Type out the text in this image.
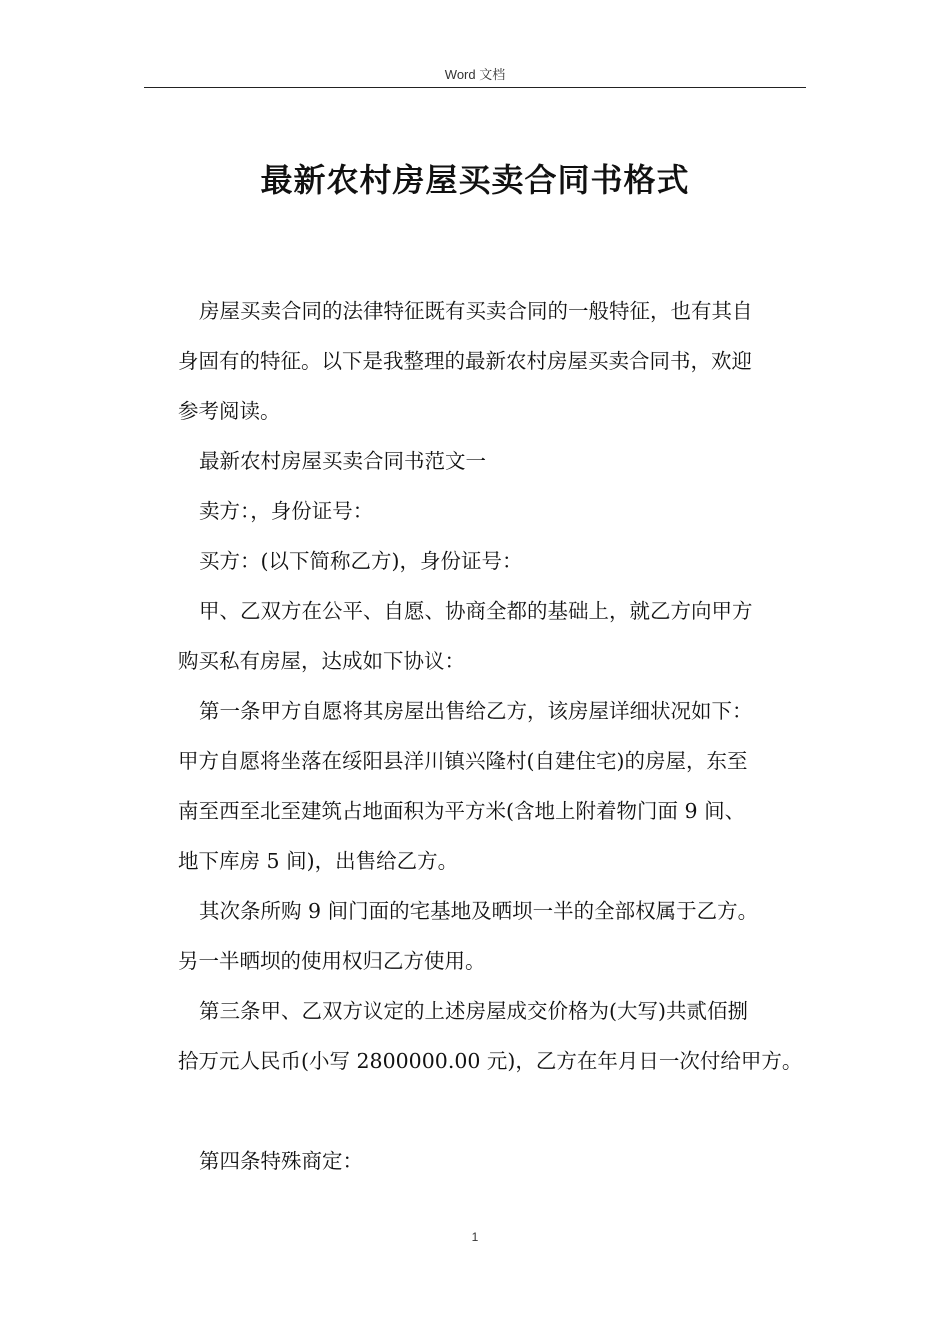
Word 文档
最新农村房屋买卖合同书格式

房屋买卖合同的法律特征既有买卖合同的一般特征，也有其自

身固有的特征。以下是我整理的最新农村房屋买卖合同书，欢迎

参考阅读。

最新农村房屋买卖合同书范文一

卖方：，身份证号：

买方：(以下简称乙方)，身份证号：

甲、乙双方在公平、自愿、协商全都的基础上，就乙方向甲方

购买私有房屋，达成如下协议：

第一条甲方自愿将其房屋出售给乙方，该房屋详细状况如下：

甲方自愿将坐落在绥阳县洋川镇兴隆村(自建住宅)的房屋，东至

南至西至北至建筑占地面积为平方米(含地上附着物门面 9 间、

地下库房 5 间)，出售给乙方。

其次条所购 9 间门面的宅基地及晒坝一半的全部权属于乙方。

另一半晒坝的使用权归乙方使用。

第三条甲、乙双方议定的上述房屋成交价格为(大写)共贰佰捌

拾万元人民币(小写 2800000.00 元)，乙方在年月日一次付给甲方。

第四条特殊商定：

1
